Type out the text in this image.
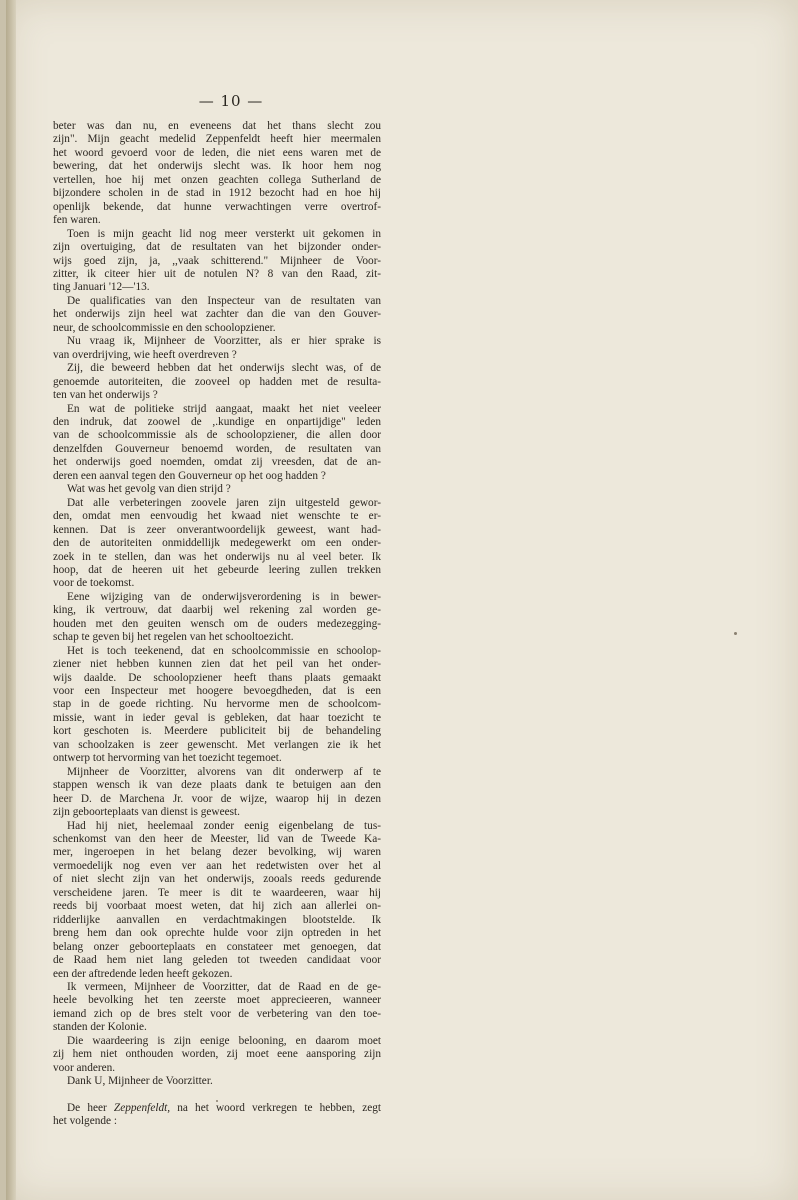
— 10 —
beter was dan nu, en eveneens dat het thans slecht zou
zijn". Mijn geacht medelid Zeppenfeldt heeft hier meermalen
het woord gevoerd voor de leden, die niet eens waren met de
bewering, dat het onderwijs slecht was. Ik hoor hem nog
vertellen, hoe hij met onzen geachten collega Sutherland de
bijzondere scholen in de stad in 1912 bezocht had en hoe hij
openlijk bekende, dat hunne verwachtingen verre overtrof-
fen waren.
Toen is mijn geacht lid nog meer versterkt uit gekomen in
zijn overtuiging, dat de resultaten van het bijzonder onder-
wijs goed zijn, ja, ,,vaak schitterend." Mijnheer de Voor-
zitter, ik citeer hier uit de notulen N? 8 van den Raad, zit-
ting Januari '12—'13.
De qualificaties van den Inspecteur van de resultaten van
het onderwijs zijn heel wat zachter dan die van den Gouver-
neur, de schoolcommissie en den schoolopziener.
Nu vraag ik, Mijnheer de Voorzitter, als er hier sprake is
van overdrijving, wie heeft overdreven ?
Zij, die beweerd hebben dat het onderwijs slecht was, of de
genoemde autoriteiten, die zooveel op hadden met de resulta-
ten van het onderwijs ?
En wat de politieke strijd aangaat, maakt het niet veeleer
den indruk, dat zoowel de ,.kundige en onpartijdige" leden
van de schoolcommissie als de schoolopziener, die allen door
denzelfden Gouverneur benoemd worden, de resultaten van
het onderwijs goed noemden, omdat zij vreesden, dat de an-
deren een aanval tegen den Gouverneur op het oog hadden ?
Wat was het gevolg van dien strijd ?
Dat alle verbeteringen zoovele jaren zijn uitgesteld gewor-
den, omdat men eenvoudig het kwaad niet wenschte te er-
kennen. Dat is zeer onverantwoordelijk geweest, want had-
den de autoriteiten onmiddellijk medegewerkt om een onder-
zoek in te stellen, dan was het onderwijs nu al veel beter. Ik
hoop, dat de heeren uit het gebeurde leering zullen trekken
voor de toekomst.
Eene wijziging van de onderwijsverordening is in bewer-
king, ik vertrouw, dat daarbij wel rekening zal worden ge-
houden met den geuiten wensch om de ouders medezegging-
schap te geven bij het regelen van het schooltoezicht.
Het is toch teekenend, dat en schoolcommissie en schoolop-
ziener niet hebben kunnen zien dat het peil van het onder-
wijs daalde. De schoolopziener heeft thans plaats gemaakt
voor een Inspecteur met hoogere bevoegdheden, dat is een
stap in de goede richting. Nu hervorme men de schoolcom-
missie, want in ieder geval is gebleken, dat haar toezicht te
kort geschoten is. Meerdere publiciteit bij de behandeling
van schoolzaken is zeer gewenscht. Met verlangen zie ik het
ontwerp tot hervorming van het toezicht tegemoet.
Mijnheer de Voorzitter, alvorens van dit onderwerp af te
stappen wensch ik van deze plaats dank te betuigen aan den
heer D. de Marchena Jr. voor de wijze, waarop hij in dezen
zijn geboorteplaats van dienst is geweest.
Had hij niet, heelemaal zonder eenig eigenbelang de tus-
schenkomst van den heer de Meester, lid van de Tweede Ka-
mer, ingeroepen in het belang dezer bevolking, wij waren
vermoedelijk nog even ver aan het redetwisten over het al
of niet slecht zijn van het onderwijs, zooals reeds gedurende
verscheidene jaren. Te meer is dit te waardeeren, waar hij
reeds bij voorbaat moest weten, dat hij zich aan allerlei on-
ridderlijke aanvallen en verdachtmakingen blootstelde. Ik
breng hem dan ook oprechte hulde voor zijn optreden in het
belang onzer geboorteplaats en constateer met genoegen, dat
de Raad hem niet lang geleden tot tweeden candidaat voor
een der aftredende leden heeft gekozen.
Ik vermeen, Mijnheer de Voorzitter, dat de Raad en de ge-
heele bevolking het ten zeerste moet apprecieeren, wanneer
iemand zich op de bres stelt voor de verbetering van den toe-
standen der Kolonie.
Die waardeering is zijn eenige belooning, en daarom moet
zij hem niet onthouden worden, zij moet eene aansporing zijn
voor anderen.
Dank U, Mijnheer de Voorzitter.
De heer Zeppenfeldt, na het woord verkregen te hebben, zegt
het volgende :
